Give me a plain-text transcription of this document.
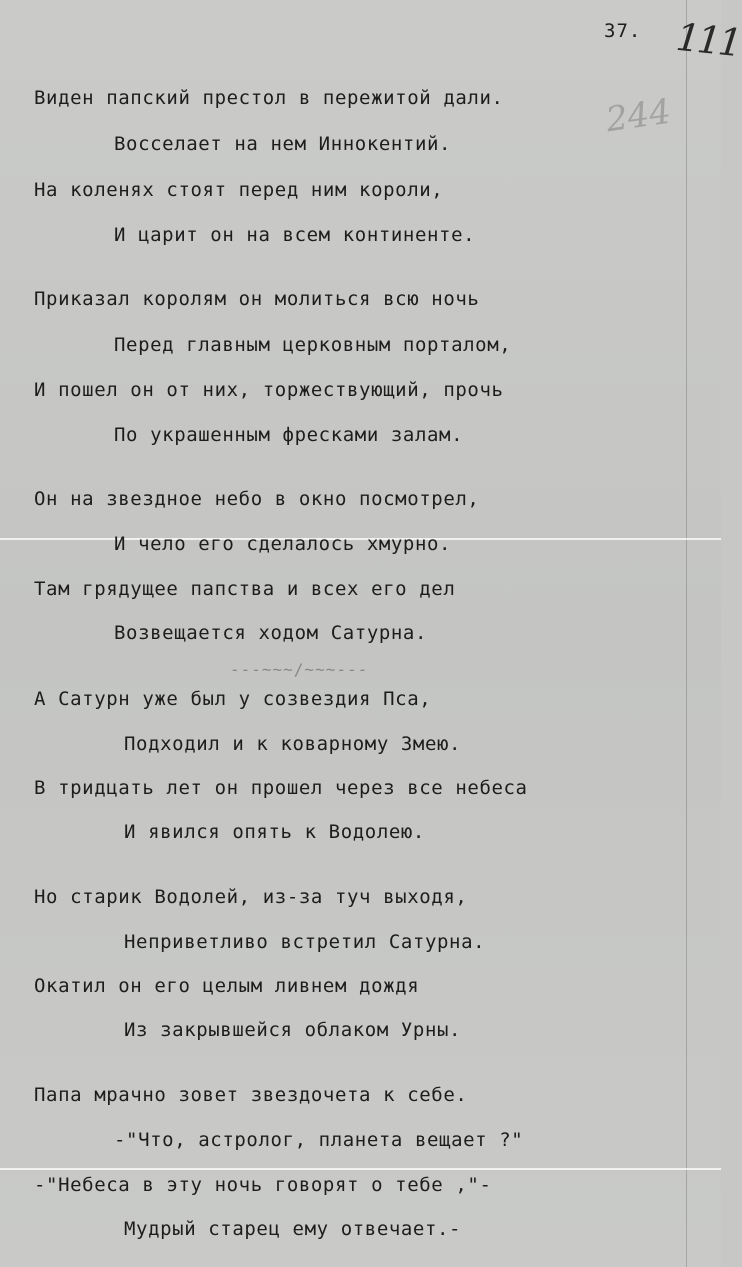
37. 111
244
---~~~/~~~---
Виден папский престол в пережитой дали.
Восселает на нем Иннокентий.
На коленях стоят перед ним короли,
И царит он на всем континенте.
Приказал королям он молиться всю ночь
Перед главным церковным порталом,
И пошел он от них, торжествующий, прочь
По украшенным фресками залам.
Он на звездное небо в окно посмотрел,
И чело его сделалось хмурно.
Там грядущее папства и всех его дел
Возвещается ходом Сатурна.
А Сатурн уже был у созвездия Пса,
Подходил и к коварному Змею.
В тридцать лет он прошел через все небеса
И явился опять к Водолею.
Но старик Водолей, из-за туч выходя,
Неприветливо встретил Сатурна.
Окатил он его целым ливнем дождя
Из закрывшейся облаком Урны.
Папа мрачно зовет звездочета к себе.
-"Что, астролог, планета вещает ?"
-"Небеса в эту ночь говорят о тебе ,"-
Мудрый старец ему отвечает.-
